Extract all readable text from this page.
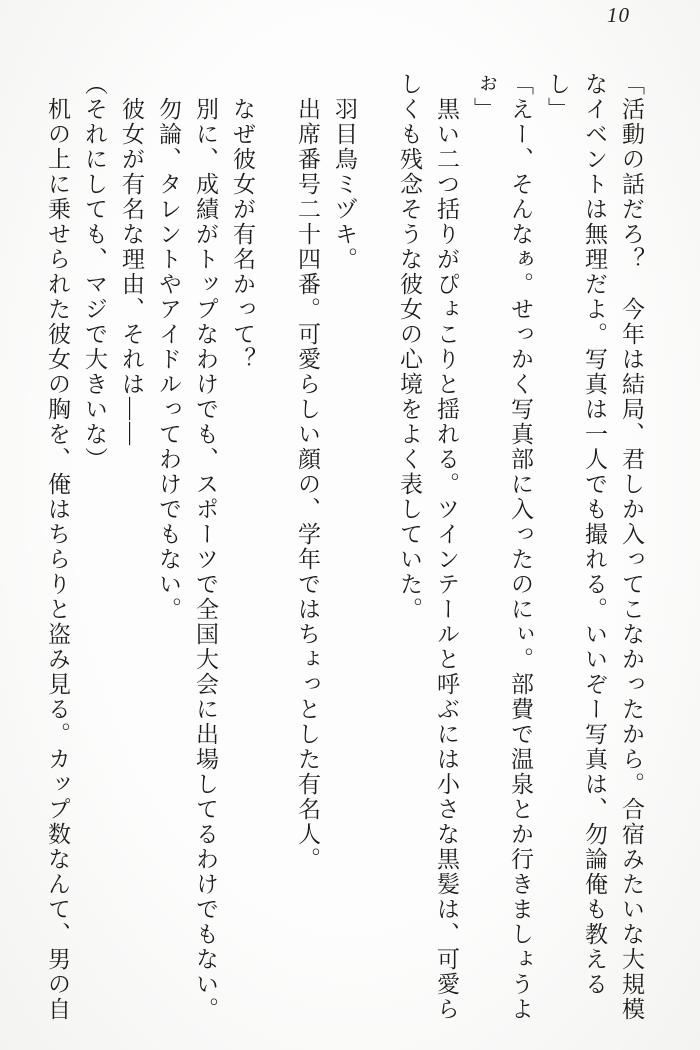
10
「活動の話だろ？　今年は結局、君しか入ってこなかったから。合宿みたいな大規模
なイベントは無理だよ。写真は一人でも撮れる。いいぞー写真は、勿論俺も教える
し」
「えー、そんなぁ。せっかく写真部に入ったのにぃ。部費で温泉とか行きましょうよ
ぉ」
黒い二つ括りがぴょこりと揺れる。ツインテールと呼ぶには小さな黒髪は、可愛ら
しくも残念そうな彼女の心境をよく表していた。
羽目鳥ミヅキ。
出席番号二十四番。可愛らしい顔の、学年ではちょっとした有名人。
なぜ彼女が有名かって？
別に、成績がトップなわけでも、スポーツで全国大会に出場してるわけでもない。
勿論、タレントやアイドルってわけでもない。
彼女が有名な理由、それは――
（それにしても、マジで大きいな）
机の上に乗せられた彼女の胸を、俺はちらりと盗み見る。カップ数なんて、男の自
